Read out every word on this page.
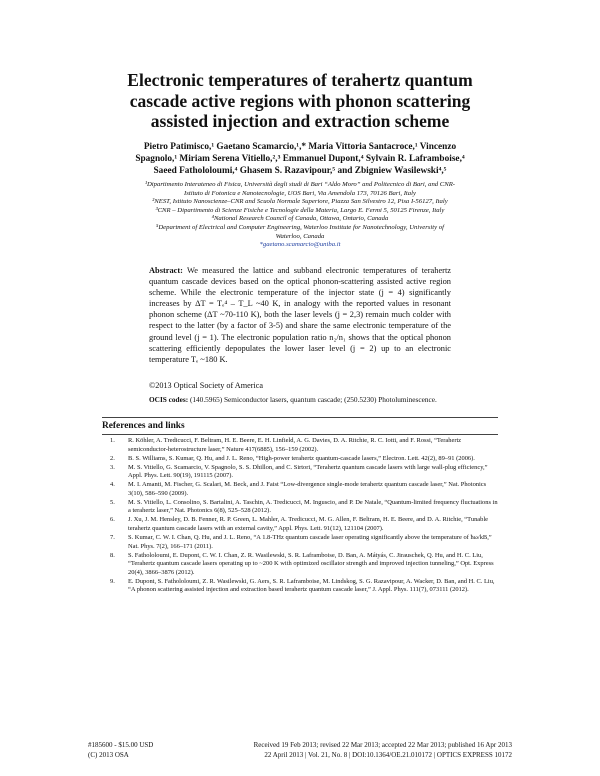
Electronic temperatures of terahertz quantum
cascade active regions with phonon scattering
assisted injection and extraction scheme
Pietro Patimisco,¹ Gaetano Scamarcio,¹,* Maria Vittoria Santacroce,¹ Vincenzo
Spagnolo,¹ Miriam Serena Vitiello,²,³ Emmanuel Dupont,⁴ Sylvain R. Laframboise,⁴
Saeed Fathololoumi,⁴ Ghasem S. Razavipour,⁵ and Zbigniew Wasilewski⁴,⁵
¹Dipartimento Interateneo di Fisica, Università degli studi di Bari “Aldo Moro” and Politecnico di Bari, and CNR-
Istituto di Fotonica e Nanotecnologie, UOS Bari, Via Amendola 173, 70126 Bari, Italy
²NEST, Istituto Nanoscienze–CNR and Scuola Normale Superiore, Piazza San Silvestro 12, Pisa I-56127, Italy
³CNR – Dipartimento di Scienze Fisiche e Tecnologie della Materia, Largo E. Fermi 5, 50125 Firenze, Italy
⁴National Research Council of Canada, Ottawa, Ontario, Canada
⁵Department of Electrical and Computer Engineering, Waterloo Institute for Nanotechnology, University of
Waterloo, Canada
*gaetano.scamarcio@uniba.it
Abstract: We measured the lattice and subband electronic temperatures of terahertz quantum cascade devices based on the optical phonon-scattering assisted active region scheme. While the electronic temperature of the injector state (j = 4) significantly increases by ΔT = Tₑ⁴ – T_L ~40 K, in analogy with the reported values in resonant phonon scheme (ΔT ~70-110 K), both the laser levels (j = 2,3) remain much colder with respect to the latter (by a factor of 3-5) and share the same electronic temperature of the ground level (j = 1). The electronic population ratio n₂/n₁ shows that the optical phonon scattering efficiently depopulates the lower laser level (j = 2) up to an electronic temperature Tₑ ~180 K.
©2013 Optical Society of America
OCIS codes: (140.5965) Semiconductor lasers, quantum cascade; (250.5230) Photoluminescence.
References and links
1. R. Köhler, A. Tredicucci, F. Beltram, H. E. Beere, E. H. Linfield, A. G. Davies, D. A. Ritchie, R. C. Iotti, and F. Rossi, “Terahertz semiconductor-heterostructure laser,” Nature 417(6885), 156–159 (2002).
2. B. S. Williams, S. Kumar, Q. Hu, and J. L. Reno, “High-power terahertz quantum-cascade lasers,” Electron. Lett. 42(2), 89–91 (2006).
3. M. S. Vitiello, G. Scamarcio, V. Spagnolo, S. S. Dhillon, and C. Sirtori, “Terahertz quantum cascade lasers with large wall-plug efficiency,” Appl. Phys. Lett. 90(19), 191115 (2007).
4. M. I. Amanti, M. Fischer, G. Scalari, M. Beck, and J. Faist “Low-divergence single-mode terahertz quantum cascade laser,” Nat. Photonics 3(10), 586–590 (2009).
5. M. S. Vitiello, L. Consolino, S. Bartalini, A. Taschin, A. Tredicucci, M. Inguscio, and P. De Natale, “Quantum-limited frequency fluctuations in a terahertz laser,” Nat. Photonics 6(8), 525–528 (2012).
6. J. Xu, J. M. Hensley, D. B. Fenner, R. P. Green, L. Mahler, A. Tredicucci, M. G. Allen, F. Beltram, H. E. Beere, and D. A. Ritchie, “Tunable terahertz quantum cascade lasers with an external cavity,” Appl. Phys. Lett. 91(12), 121104 (2007).
7. S. Kumar, C. W. I. Chan, Q. Hu, and J. L. Reno, “A 1.8-THz quantum cascade laser operating significantly above the temperature of ħω/kB,” Nat. Phys. 7(2), 166–171 (2011).
8. S. Fathololoumi, E. Dupont, C. W. I. Chan, Z. R. Wasilewski, S. R. Laframboise, D. Ban, A. Mátyás, C. Jirauschek, Q. Hu, and H. C. Liu, “Terahertz quantum cascade lasers operating up to ~200 K with optimized oscillator strength and improved injection tunneling,” Opt. Express 20(4), 3866–3876 (2012).
9. E. Dupont, S. Fathololoumi, Z. R. Wasilewski, G. Aers, S. R. Laframboise, M. Lindskog, S. G. Razavipour, A. Wacker, D. Ban, and H. C. Liu, “A phonon scattering assisted injection and extraction based terahertz quantum cascade laser,” J. Appl. Phys. 111(7), 073111 (2012).
#185600 - $15.00 USD
(C) 2013 OSA
Received 19 Feb 2013; revised 22 Mar 2013; accepted 22 Mar 2013; published 16 Apr 2013
22 April 2013 | Vol. 21, No. 8 | DOI:10.1364/OE.21.010172 | OPTICS EXPRESS 10172
